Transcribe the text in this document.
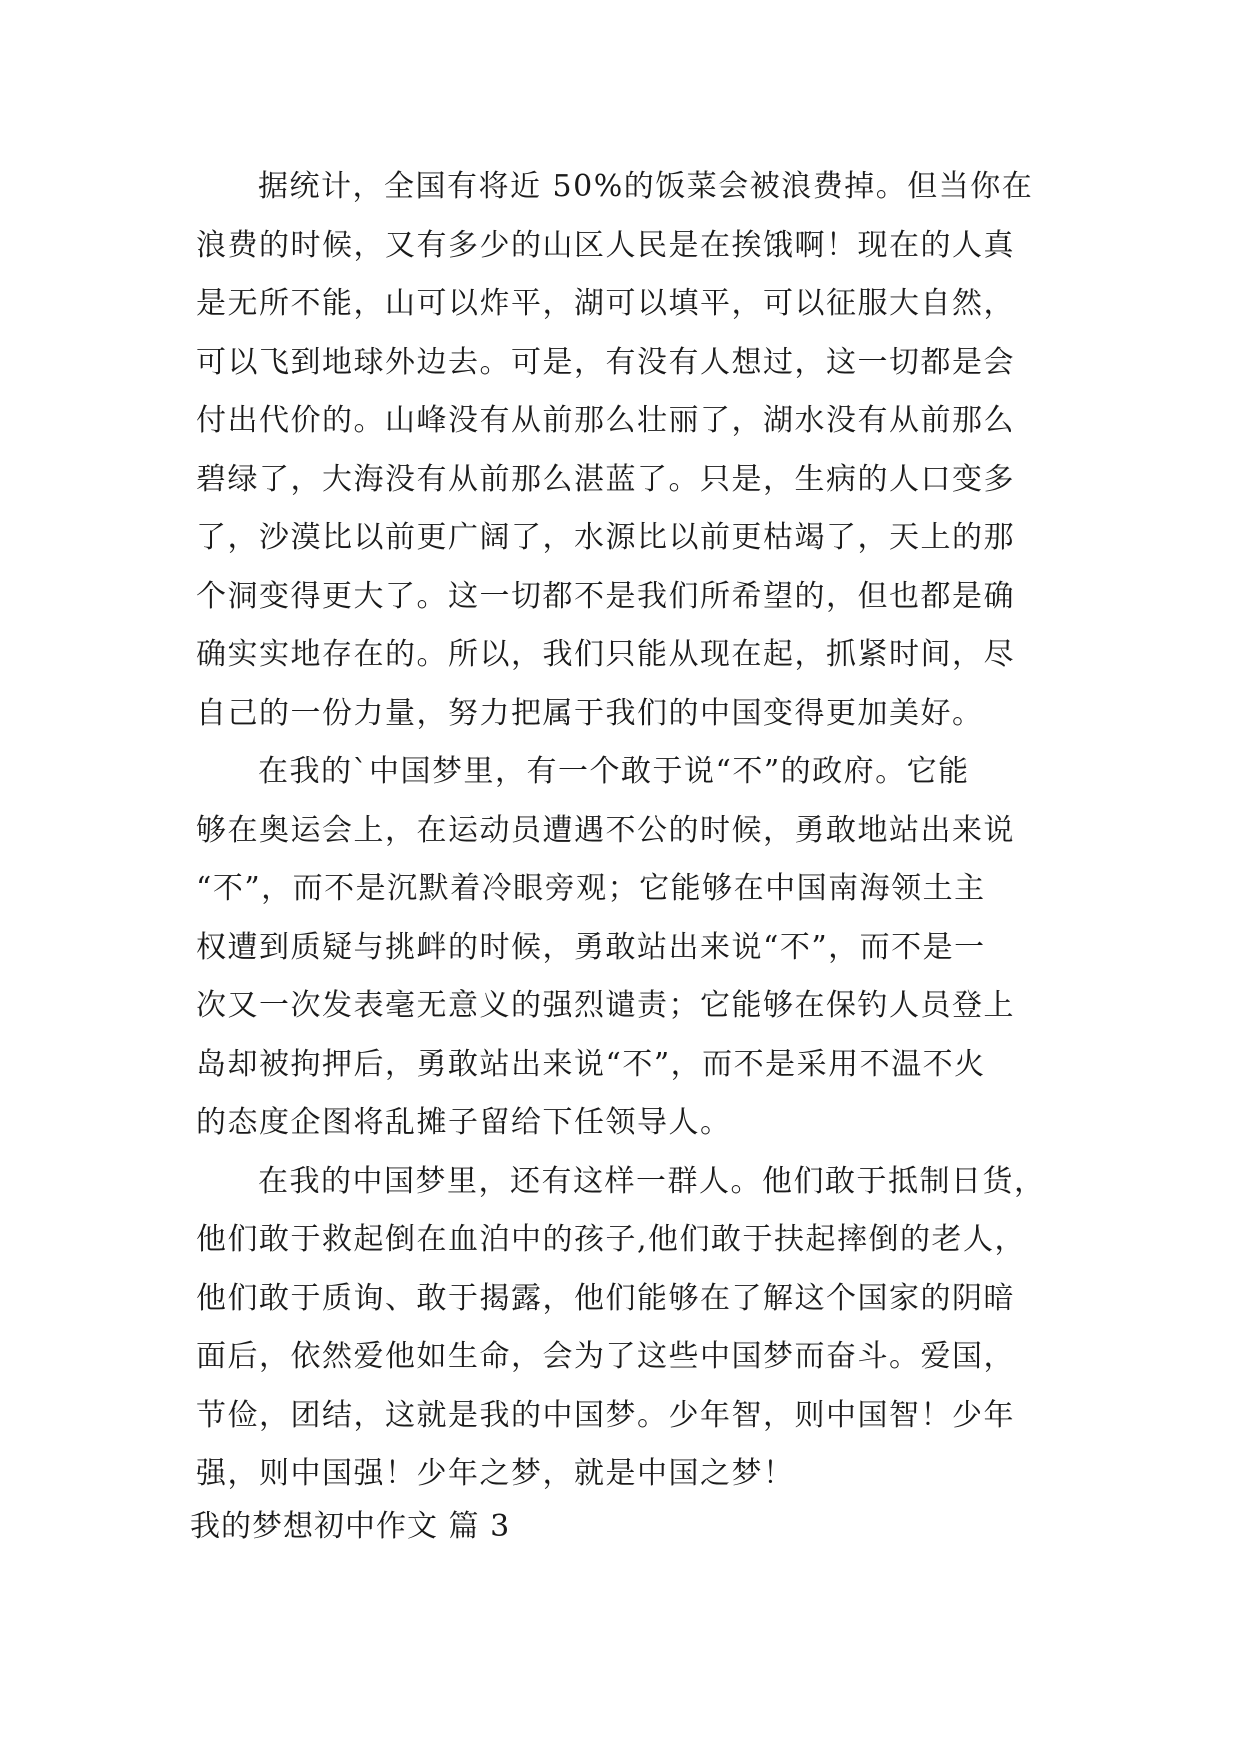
据统计，全国有将近 50%的饭菜会被浪费掉。但当你在
浪费的时候，又有多少的山区人民是在挨饿啊！现在的人真
是无所不能，山可以炸平，湖可以填平，可以征服大自然，
可以飞到地球外边去。可是，有没有人想过，这一切都是会
付出代价的。山峰没有从前那么壮丽了，湖水没有从前那么
碧绿了，大海没有从前那么湛蓝了。只是，生病的人口变多
了，沙漠比以前更广阔了，水源比以前更枯竭了，天上的那
个洞变得更大了。这一切都不是我们所希望的，但也都是确
确实实地存在的。所以，我们只能从现在起，抓紧时间，尽
自己的一份力量，努力把属于我们的中国变得更加美好。
在我的`中国梦里，有一个敢于说“不”的政府。它能
够在奥运会上，在运动员遭遇不公的时候，勇敢地站出来说
“不”，而不是沉默着冷眼旁观；它能够在中国南海领土主
权遭到质疑与挑衅的时候，勇敢站出来说“不”，而不是一
次又一次发表毫无意义的强烈谴责；它能够在保钓人员登上
岛却被拘押后，勇敢站出来说“不”，而不是采用不温不火
的态度企图将乱摊子留给下任领导人。
在我的中国梦里，还有这样一群人。他们敢于抵制日货，
他们敢于救起倒在血泊中的孩子,他们敢于扶起摔倒的老人，
他们敢于质询、敢于揭露，他们能够在了解这个国家的阴暗
面后，依然爱他如生命，会为了这些中国梦而奋斗。爱国，
节俭，团结，这就是我的中国梦。少年智，则中国智！少年
强，则中国强！少年之梦，就是中国之梦！
我的梦想初中作文 篇 3
